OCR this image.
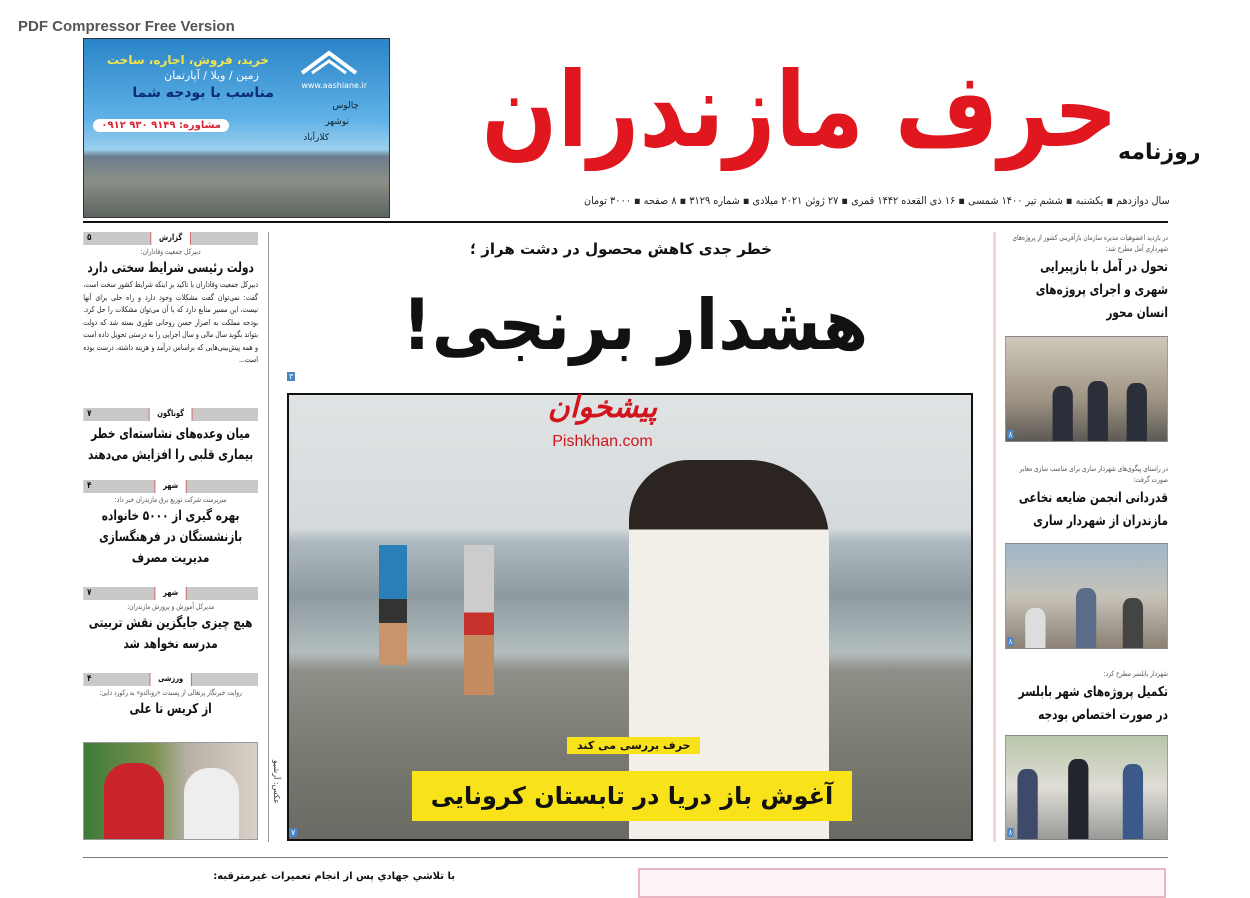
PDF Compressor Free Version
خرید، فروش، اجاره، ساخت
زمین / ویلا / آپارتمان
مناسب با بودجه شما
مشاوره: ۹۱۴۹ ۹۳۰ ۰۹۱۲
www.aashiane.ir
چالوس
نوشهر
کلارآباد حرف مازندران روزنامه
سال دوازدهم ▪ یکشنبه ▪ ششم تیر ۱۴۰۰ شمسی ▪ ۱۶ ذی القعده ۱۴۴۲ قمری ▪ ۲۷ ژوئن ۲۰۲۱ میلادی ▪ شماره ۳۱۲۹ ▪ ۸ صفحه ▪ ۳۰۰۰ تومان
گزارش
۵
دبیرکل جمعیت وفاداران:
دولت رئیسی شرایط سختی دارد
دبیرکل جمعیت وفاداران با تاکید بر اینکه شرایط کشور سخت است، گفت: نمی‌توان گفت مشکلات وجود دارد و راه حلی برای آنها نیست، این مسیر منابع دارد که با آن می‌توان مشکلات را حل کرد. بودجه مملکت به اصرار حسن روحانی طوری بسته شد که دولت بتواند بگوید سال مالی و سال اجرایی را به درستی تحویل داده است و همه پیش‌بینی‌هایی که براساس درآمد و هزینه داشته، درست بوده است...
گوناگون
۷
میان وعده‌های نشاسته‌ای خطر بیماری قلبی را افزایش می‌دهند
شهر
۴
سرپرست شرکت توزیع برق مازندران خبر داد:
بهره گیری از ۵۰۰۰ خانواده بازنشستگان در فرهنگسازی مدیریت مصرف
شهر
۷
مدیرکل آموزش و پرورش مازندران:
هیچ چیزی جایگزین نقش تربیتی مدرسه نخواهد شد
ورزشی
۴
روایت خبرنگار پرتغالی از پسبدت «رونالدو» به رکورد دایی:
از کریس تا علی
خطر جدی کاهش محصول در دشت هراز ؛
هشدار برنجی!
۳
پیشخوان
Pishkhan.com
حرف بررسی می کند
آغوش باز دریا در تابستان کرونایی
عکس: آرشیو
۷
در بازدید اعضوهیات مدیره سازمان بازآفرینی کشور از پروژه‌های شهرداری آمل مطرح شد:
تحول در آمل با بازپیرایی شهری و اجرای پروژه‌های انسان محور
۸
در راستای پیگوی‌های شهردار ساری برای مناسب سازی معابر صورت گرفت:
قدردانی انجمن ضایعه نخاعی مازندران از شهردار ساری
۸
شهردار بابلسر مطرح کرد:
تکمیل پروژه‌های شهر بابلسر در صورت اختصاص بودجه
۸
با تلاشي جهادي پس از انجام تعميرات غيرمترقبه:
